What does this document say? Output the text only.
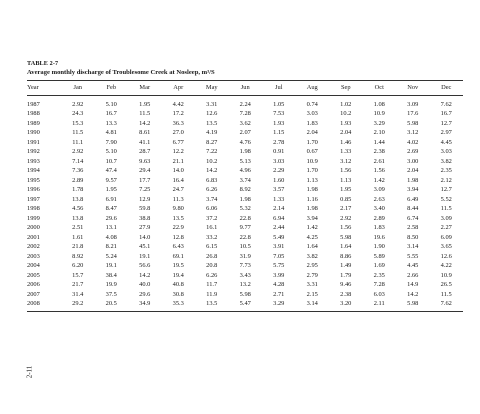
TABLE 2-7
Average monthly discharge of Troublesome Creek at Nosleep, m³/S
Year	Jan	Feb	Mar	Apr	May	Jun	Jul	Aug	Sep	Oct	Nov	Dec
1987	2.92	5.10	1.95	4.42	3.31	2.24	1.05	0.74	1.02	1.08	3.09	7.62
1988	24.3	16.7	11.5	17.2	12.6	7.28	7.53	3.03	10.2	10.9	17.6	16.7
1989	15.3	13.3	14.2	36.3	13.5	3.62	1.93	1.83	1.93	3.29	5.98	12.7
1990	11.5	4.81	8.61	27.0	4.19	2.07	1.15	2.04	2.04	2.10	3.12	2.97
1991	11.1	7.90	41.1	6.77	8.27	4.76	2.78	1.70	1.46	1.44	4.02	4.45
1992	2.92	5.10	28.7	12.2	7.22	1.98	0.91	0.67	1.33	2.38	2.69	3.03
1993	7.14	10.7	9.63	21.1	10.2	5.13	3.03	10.9	3.12	2.61	3.00	3.82
1994	7.36	47.4	29.4	14.0	14.2	4.96	2.29	1.70	1.56	1.56	2.04	2.35
1995	2.89	9.57	17.7	16.4	6.83	3.74	1.60	1.13	1.13	1.42	1.98	2.12
1996	1.78	1.95	7.25	24.7	6.26	8.92	3.57	1.98	1.95	3.09	3.94	12.7
1997	13.8	6.91	12.9	11.3	3.74	1.98	1.33	1.16	0.85	2.63	6.49	5.52
1998	4.56	8.47	59.8	9.80	6.06	5.32	2.14	1.98	2.17	3.40	8.44	11.5
1999	13.8	29.6	38.8	13.5	37.2	22.8	6.94	3.94	2.92	2.89	6.74	3.09
2000	2.51	13.1	27.9	22.9	16.1	9.77	2.44	1.42	1.56	1.83	2.58	2.27
2001	1.61	4.08	14.0	12.8	33.2	22.8	5.49	4.25	5.98	19.6	8.50	6.09
2002	21.8	8.21	45.1	6.43	6.15	10.5	3.91	1.64	1.64	1.90	3.14	3.65
2003	8.92	5.24	19.1	69.1	26.8	31.9	7.05	3.82	8.86	5.89	5.55	12.6
2004	6.20	19.1	56.6	19.5	20.8	7.73	5.75	2.95	1.49	1.69	4.45	4.22
2005	15.7	38.4	14.2	19.4	6.26	3.43	3.99	2.79	1.79	2.35	2.66	10.9
2006	21.7	19.9	40.0	40.8	11.7	13.2	4.28	3.31	9.46	7.28	14.9	26.5
2007	31.4	37.5	29.6	30.8	11.9	5.98	2.71	2.15	2.38	6.03	14.2	11.5
2008	29.2	20.5	34.9	35.3	13.5	5.47	3.29	3.14	3.20	2.11	5.98	7.62
2-11
